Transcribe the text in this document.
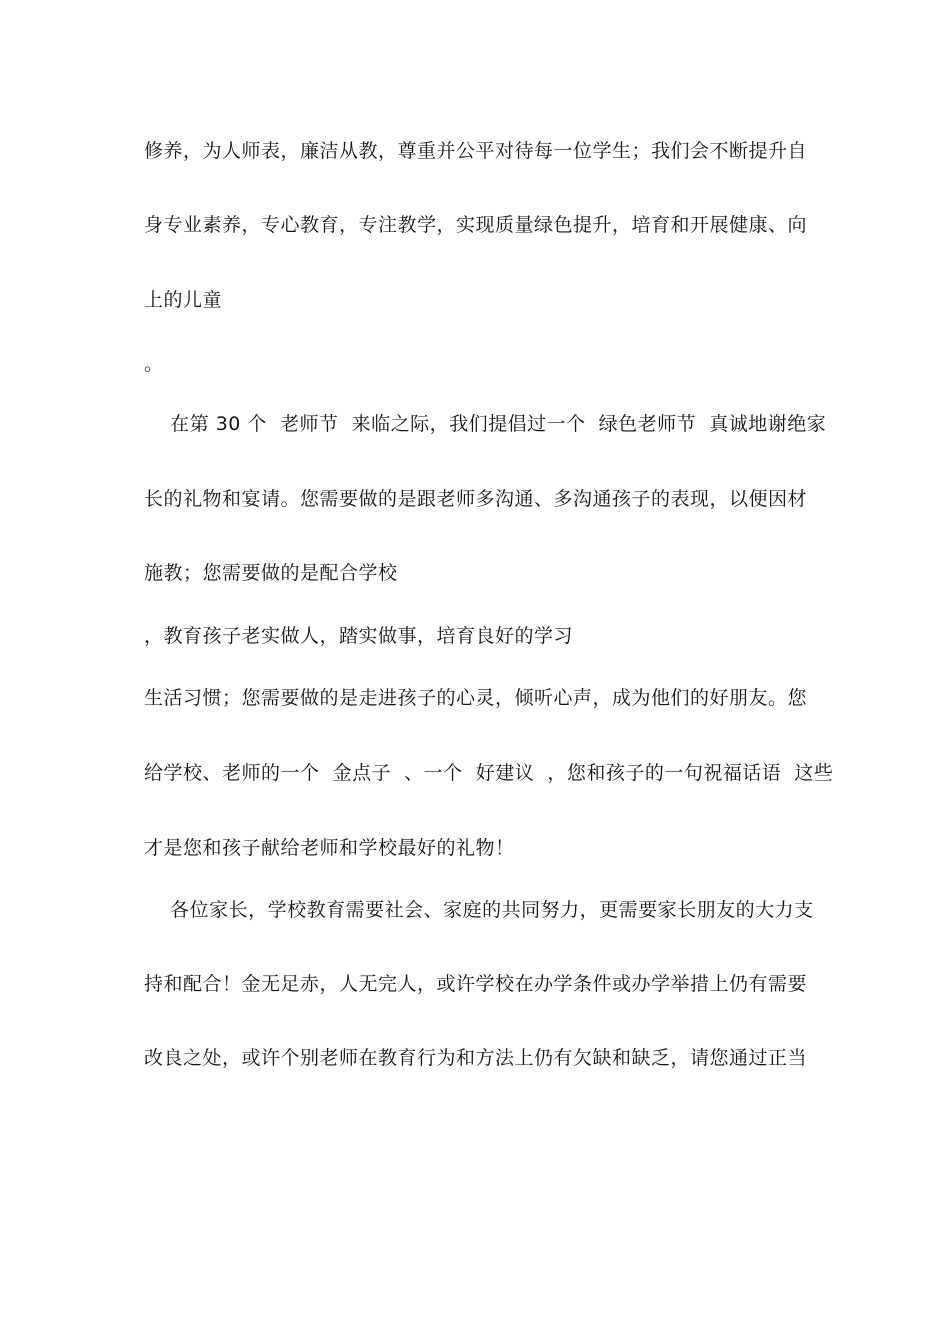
修养，为人师表，廉洁从教，尊重并公平对待每一位学生；我们会不断提升自
身专业素养，专心教育，专注教学，实现质量绿色提升，培育和开展健康、向
上的儿童
。
在第 30 个  老师节  来临之际，我们提倡过一个  绿色老师节  真诚地谢绝家
长的礼物和宴请。您需要做的是跟老师多沟通、多沟通孩子的表现，以便因材
施教；您需要做的是配合学校
，教育孩子老实做人，踏实做事，培育良好的学习
生活习惯；您需要做的是走进孩子的心灵，倾听心声，成为他们的好朋友。您
给学校、老师的一个  金点子  、一个  好建议  ，您和孩子的一句祝福话语  这些
才是您和孩子献给老师和学校最好的礼物！
各位家长，学校教育需要社会、家庭的共同努力，更需要家长朋友的大力支
持和配合！金无足赤，人无完人，或许学校在办学条件或办学举措上仍有需要
改良之处，或许个别老师在教育行为和方法上仍有欠缺和缺乏，请您通过正当
